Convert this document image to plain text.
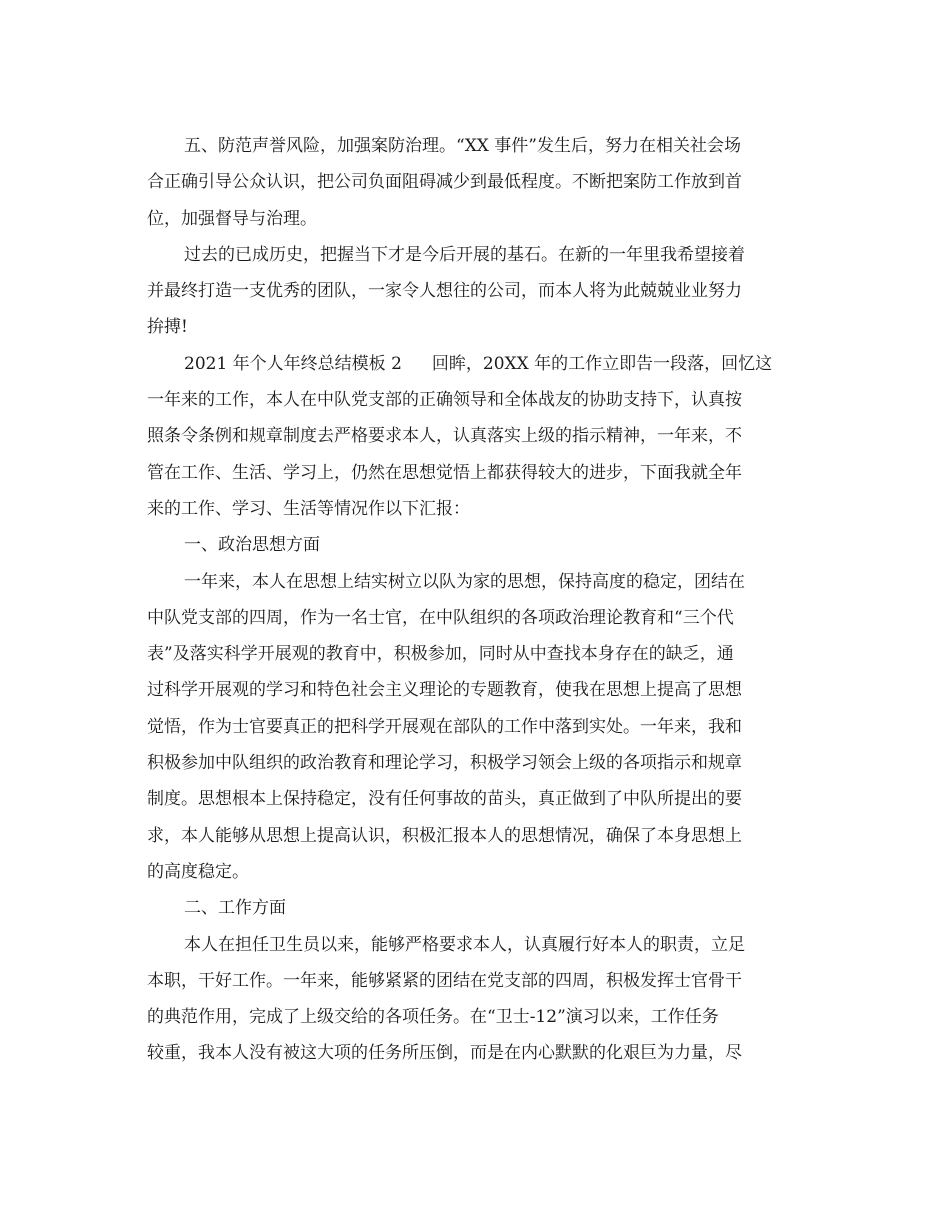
五、防范声誉风险，加强案防治理。“XX 事件”发生后，努力在相关社会场
合正确引导公众认识，把公司负面阻碍减少到最低程度。不断把案防工作放到首
位，加强督导与治理。
过去的已成历史，把握当下才是今后开展的基石。在新的一年里我希望接着
并最终打造一支优秀的团队，一家令人想往的公司，而本人将为此兢兢业业努力
拚搏!
2021 年个人年终总结模板 2 回眸，20XX 年的工作立即告一段落，回忆这
一年来的工作，本人在中队党支部的正确领导和全体战友的协助支持下，认真按
照条令条例和规章制度去严格要求本人，认真落实上级的指示精神，一年来，不
管在工作、生活、学习上，仍然在思想觉悟上都获得较大的进步，下面我就全年
来的工作、学习、生活等情况作以下汇报：
一、政治思想方面
一年来，本人在思想上结实树立以队为家的思想，保持高度的稳定，团结在
中队党支部的四周，作为一名士官，在中队组织的各项政治理论教育和“三个代
表”及落实科学开展观的教育中，积极参加，同时从中查找本身存在的缺乏，通
过科学开展观的学习和特色社会主义理论的专题教育，使我在思想上提高了思想
觉悟，作为士官要真正的把科学开展观在部队的工作中落到实处。一年来，我和
积极参加中队组织的政治教育和理论学习，积极学习领会上级的各项指示和规章
制度。思想根本上保持稳定，没有任何事故的苗头，真正做到了中队所提出的要
求，本人能够从思想上提高认识，积极汇报本人的思想情况，确保了本身思想上
的高度稳定。
二、工作方面
本人在担任卫生员以来，能够严格要求本人，认真履行好本人的职责，立足
本职，干好工作。一年来，能够紧紧的团结在党支部的四周，积极发挥士官骨干
的典范作用，完成了上级交给的各项任务。在“卫士-12”演习以来，工作任务
较重，我本人没有被这大项的任务所压倒，而是在内心默默的化艰巨为力量，尽
